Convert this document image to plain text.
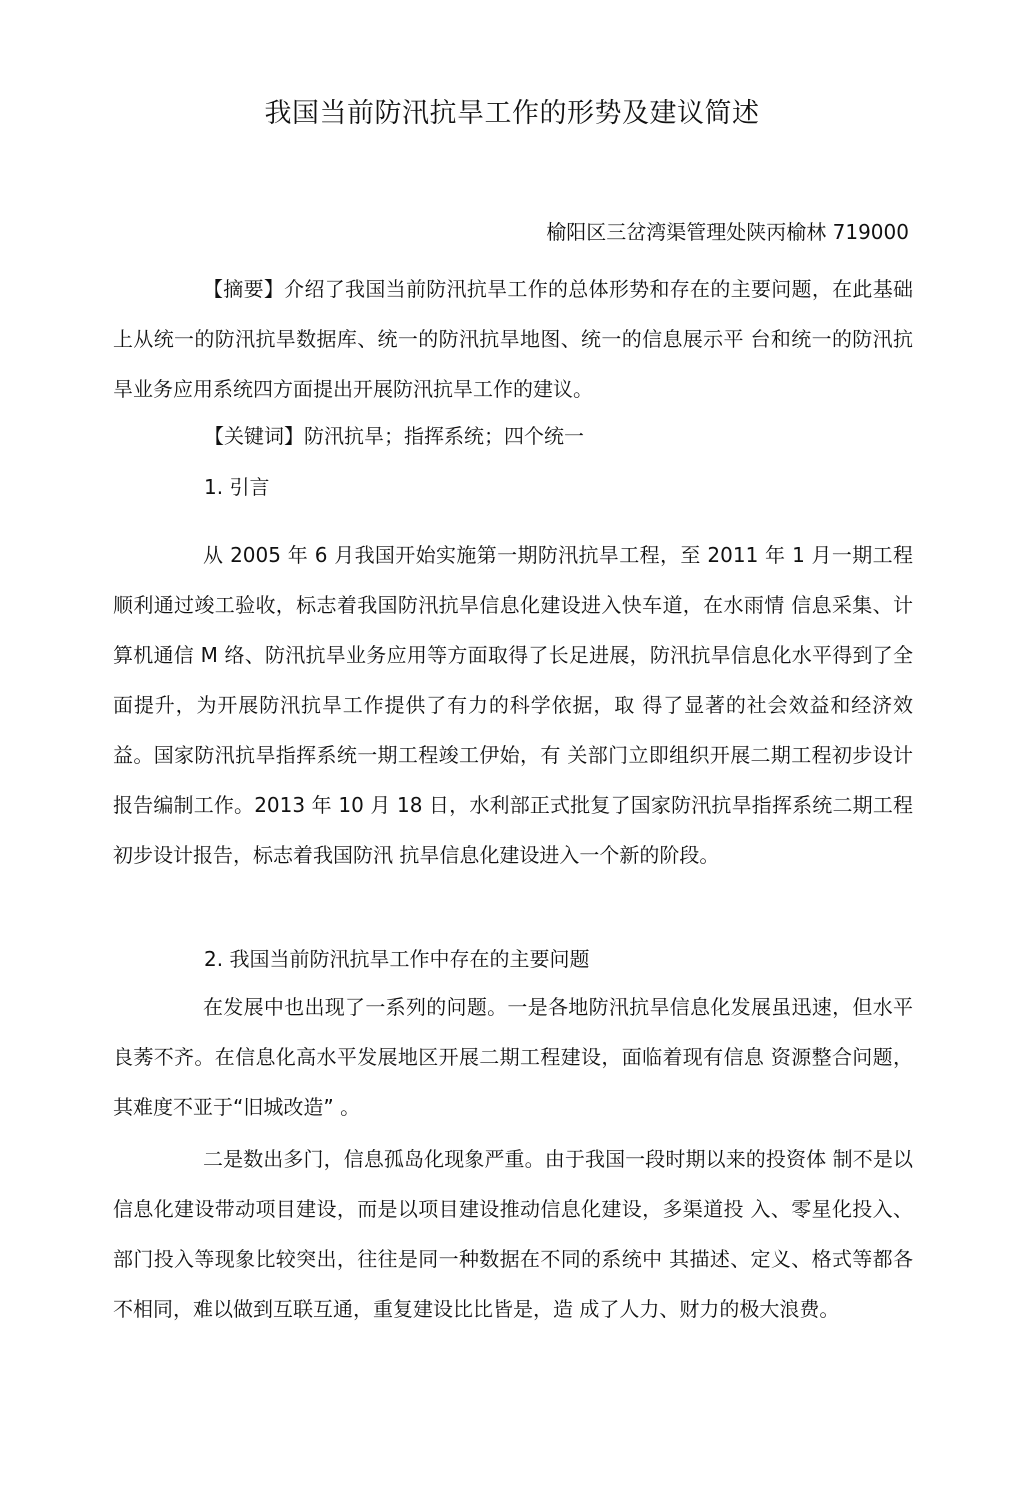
我国当前防汛抗旱工作的形势及建议简述
榆阳区三岔湾渠管理处陕丙榆林 719000

【摘要】介绍了我国当前防汛抗旱工作的总体形势和存在的主要问题，在此基础上从统一的防汛抗旱数据库、统一的防汛抗旱地图、统一的信息展示平 台和统一的防汛抗旱业务应用系统四方面提出开展防汛抗旱工作的建议。

【关键词】防汛抗旱；指挥系统；四个统一

1. 引言

从 2005 年 6 月我国开始实施第一期防汛抗旱工程，至 2011 年 1 月一期工程顺利通过竣工验收，标志着我国防汛抗旱信息化建设进入快车道，在水雨情 信息采集、计算机通信 M 络、防汛抗旱业务应用等方面取得了长足进展，防汛抗旱信息化水平得到了全面提升，为开展防汛抗旱工作提供了有力的科学依据，取 得了显著的社会效益和经济效益。国家防汛抗旱指挥系统一期工程竣工伊始，有 关部门立即组织开展二期工程初步设计报告编制工作。2013 年 10 月 18 日，水利部正式批复了国家防汛抗旱指挥系统二期工程初步设计报告，标志着我国防汛 抗旱信息化建设进入一个新的阶段。

2. 我国当前防汛抗旱工作中存在的主要问题

在发展中也出现了一系列的问题。一是各地防汛抗旱信息化发展虽迅速，但水平良莠不齐。在信息化高水平发展地区开展二期工程建设，面临着现有信息 资源整合问题，其难度不亚于“旧城改造” 。

二是数出多门，信息孤岛化现象严重。由于我国一段时期以来的投资体 制不是以信息化建设带动项目建设，而是以项目建设推动信息化建设，多渠道投 入、零星化投入、部门投入等现象比较突出，往往是同一种数据在不同的系统中 其描述、定义、格式等都各不相同，难以做到互联互通，重复建设比比皆是，造 成了人力、财力的极大浪费。
